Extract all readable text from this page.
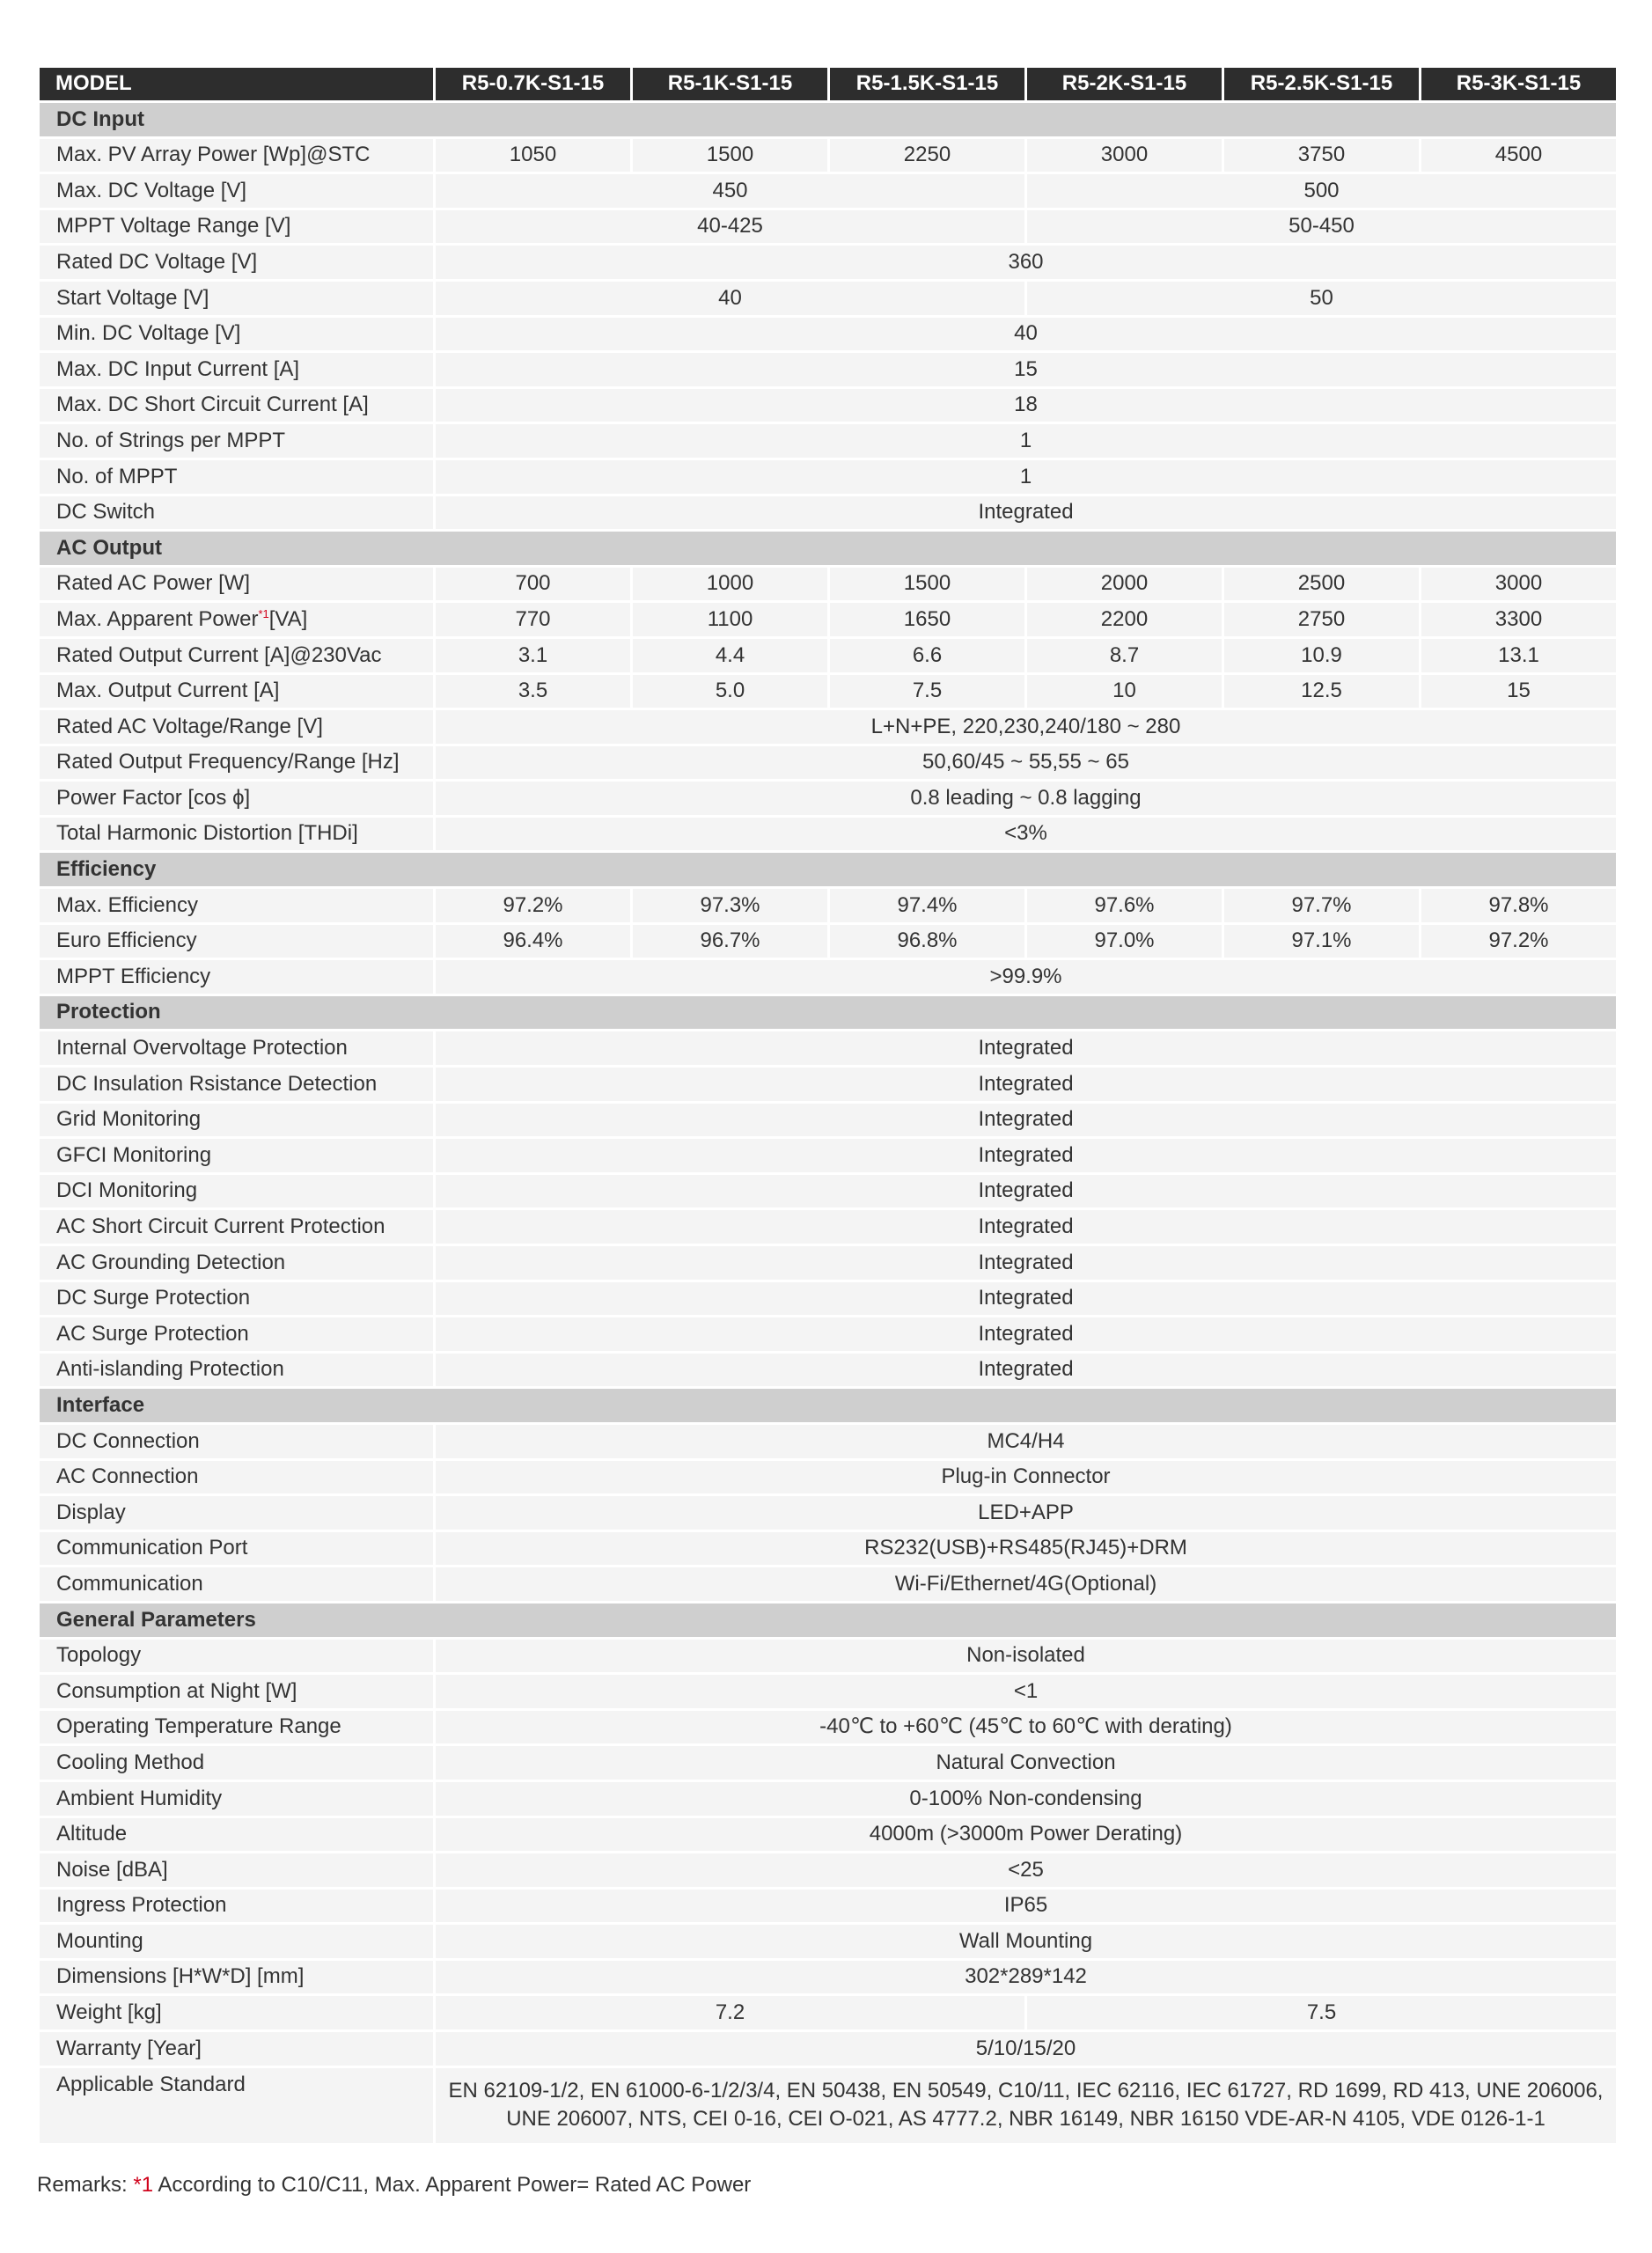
MODEL	R5-0.7K-S1-15	R5-1K-S1-15	R5-1.5K-S1-15	R5-2K-S1-15	R5-2.5K-S1-15	R5-3K-S1-15
DC Input						
Max. PV Array Power [Wp]@STC	1050	1500	2250	3000	3750	4500
Max. DC Voltage [V]	450			500		
MPPT Voltage Range [V]	40-425			50-450		
Rated DC Voltage [V]	360					
Start Voltage [V]	40			50		
Min. DC Voltage [V]	40					
Max. DC Input Current [A]	15					
Max. DC Short Circuit Current [A]	18					
No. of Strings per MPPT	1					
No. of MPPT	1					
DC Switch	Integrated					
AC Output						
Rated AC Power [W]	700	1000	1500	2000	2500	3000
Max. Apparent Power$^{*1}$[VA]	770	1100	1650	2200	2750	3300
Rated Output Current [A]@230Vac	3.1	4.4	6.6	8.7	10.9	13.1
Max. Output Current [A]	3.5	5.0	7.5	10	12.5	15
Rated AC Voltage/Range [V]	L+N+PE, 220,230,240/180 ~ 280					
Rated Output Frequency/Range [Hz]	50,60/45 ~ 55,55 ~ 65					
Power Factor [cos ϕ]	0.8 leading ~ 0.8 lagging					
Total Harmonic Distortion [THDi]	<3%					
Efficiency						
Max. Efficiency	97.2%	97.3%	97.4%	97.6%	97.7%	97.8%
Euro Efficiency	96.4%	96.7%	96.8%	97.0%	97.1%	97.2%
MPPT Efficiency	>99.9%					
Protection						
Internal Overvoltage Protection	Integrated					
DC Insulation Rsistance Detection	Integrated					
Grid Monitoring	Integrated					
GFCI Monitoring	Integrated					
DCI Monitoring	Integrated					
AC Short Circuit Current Protection	Integrated					
AC Grounding Detection	Integrated					
DC Surge Protection	Integrated					
AC Surge Protection	Integrated					
Anti-islanding Protection	Integrated					
Interface						
DC Connection	MC4/H4					
AC Connection	Plug-in Connector					
Display	LED+APP					
Communication Port	RS232(USB)+RS485(RJ45)+DRM					
Communication	Wi-Fi/Ethernet/4G(Optional)					
General Parameters						
Topology	Non-isolated					
Consumption at Night [W]	<1					
Operating Temperature Range	-40℃ to +60℃ (45℃ to 60℃ with derating)					
Cooling Method	Natural Convection					
Ambient Humidity	0-100% Non-condensing					
Altitude	4000m (>3000m Power Derating)					
Noise [dBA]	<25					
Ingress Protection	IP65					
Mounting	Wall Mounting					
Dimensions [H*W*D] [mm]	302*289*142					
Weight [kg]	7.2			7.5		
Warranty [Year]	5/10/15/20					
Applicable Standard	EN 62109-1/2, EN 61000-6-1/2/3/4, EN 50438, EN 50549, C10/11, IEC 62116, IEC 61727, RD 1699, RD 413, UNE 206006, UNE 206007, NTS, CEI 0-16, CEI O-021, AS 4777.2, NBR 16149, NBR 16150 VDE-AR-N 4105, VDE 0126-1-1					
Remarks: *1 According to C10/C11, Max. Apparent Power= Rated AC Power
